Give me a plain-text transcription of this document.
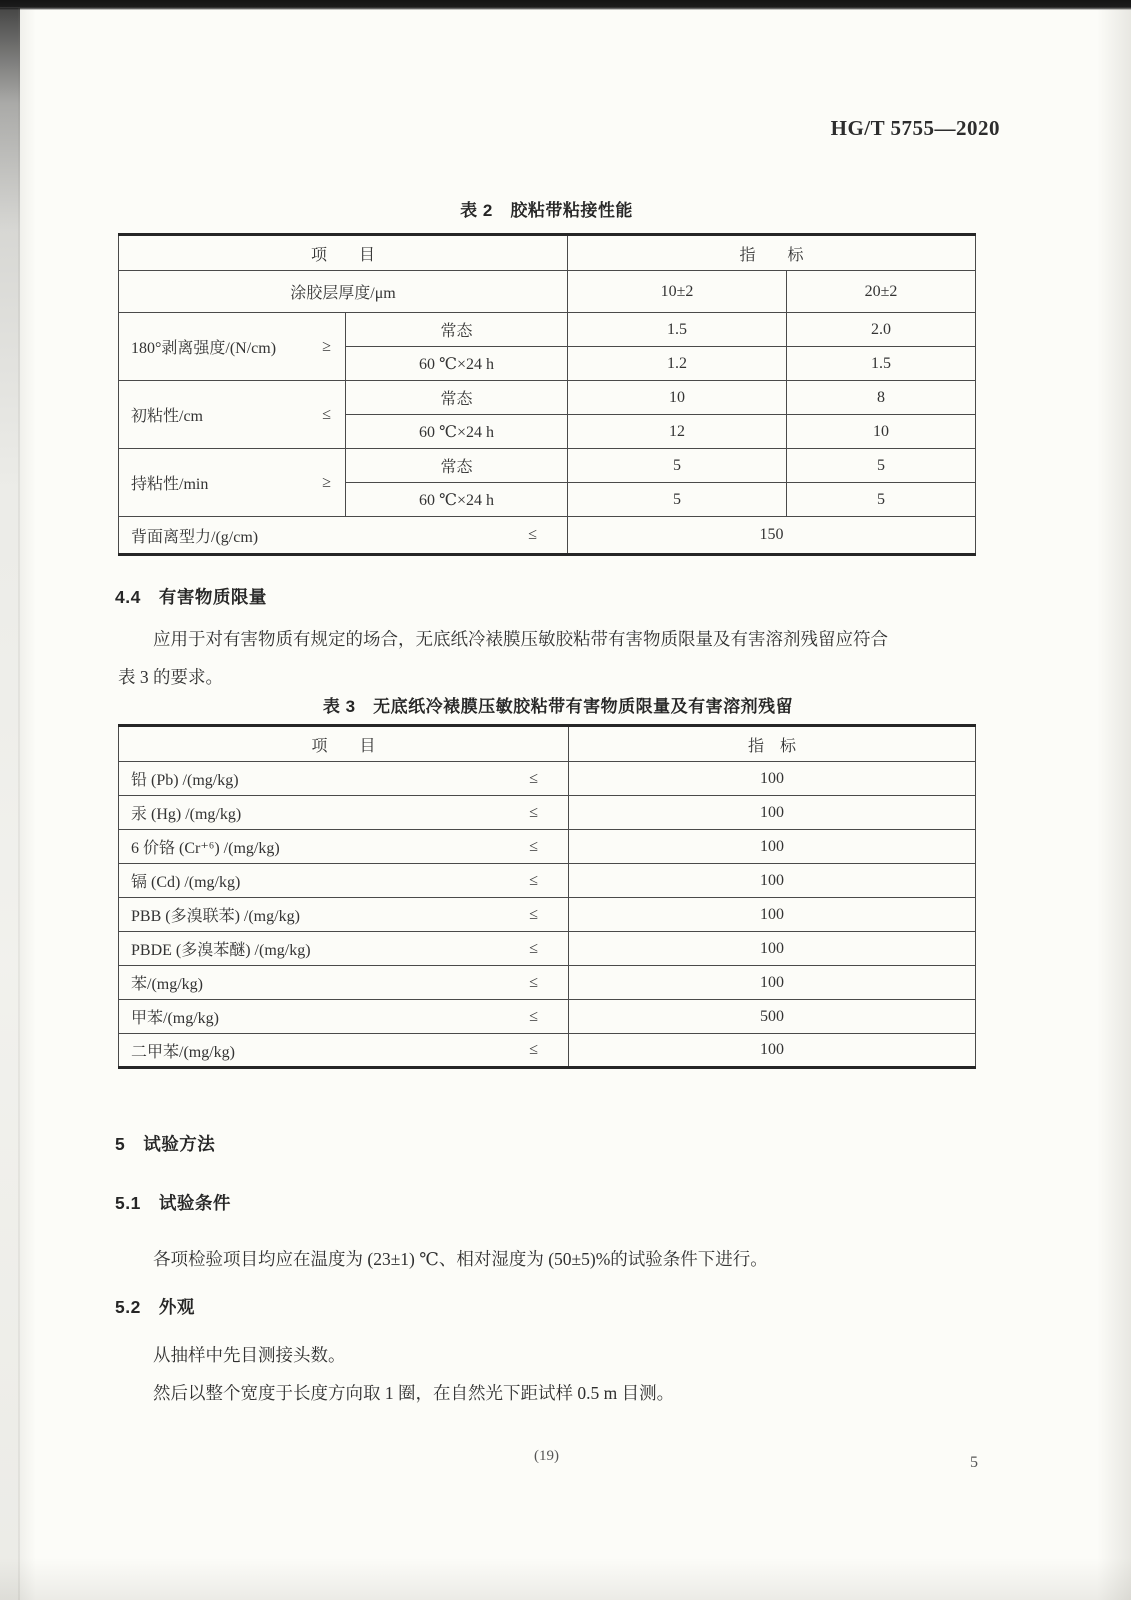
HG/T 5755—2020
表 2　胶粘带粘接性能
项　　目		指　　标	
涂胶层厚度/μm		10±2	20±2

180°剥离强度/(N/cm) ≥	常态	1.5	2.0
	60 ℃×24 h	1.2	1.5

初粘性/cm ≤	常态	10	8
	60 ℃×24 h	12	10

持粘性/min ≥	常态	5	5
	60 ℃×24 h	5	5

背面离型力/(g/cm) ≤		150	
4.4　有害物质限量
应用于对有害物质有规定的场合，无底纸冷裱膜压敏胶粘带有害物质限量及有害溶剂残留应符合
表 3 的要求。
表 3　无底纸冷裱膜压敏胶粘带有害物质限量及有害溶剂残留
项　　目	指　标

铅 (Pb) /(mg/kg) ≤	100

汞 (Hg) /(mg/kg) ≤	100

6 价铬 (Cr⁺⁶) /(mg/kg) ≤	100

镉 (Cd) /(mg/kg) ≤	100

PBB (多溴联苯) /(mg/kg) ≤	100

PBDE (多溴苯醚) /(mg/kg) ≤	100

苯/(mg/kg) ≤	100

甲苯/(mg/kg) ≤	500

二甲苯/(mg/kg) ≤	100
5　试验方法
5.1　试验条件
各项检验项目均应在温度为 (23±1) ℃、相对湿度为 (50±5)%的试验条件下进行。
5.2　外观
从抽样中先目测接头数。
然后以整个宽度于长度方向取 1 圈，在自然光下距试样 0.5 m 目测。
(19)	5
